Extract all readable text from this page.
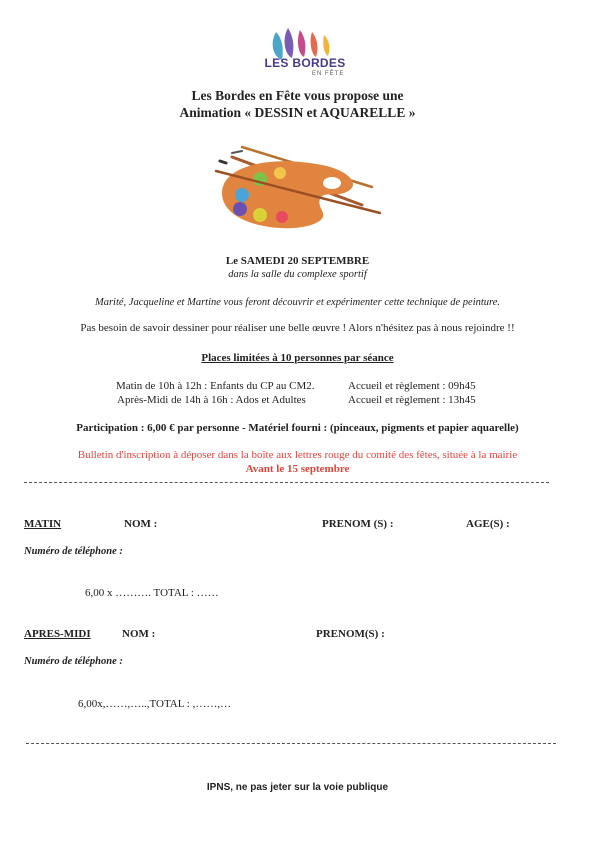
LES BORDES
EN FÊTE
Les Bordes en Fête vous propose une
Animation « DESSIN et AQUARELLE »
Le SAMEDI 20 SEPTEMBRE
dans la salle du complexe sportif
Marité, Jacqueline et Martine vous feront découvrir et expérimenter cette technique de peinture.
Pas besoin de savoir dessiner pour réaliser une belle œuvre ! Alors n'hésitez pas à nous rejoindre !!
Places limitées à 10 personnes par séance
Matin de 10h à 12h : Enfants du CP au CM2.	Accueil et règlement : 09h45
Après-Midi de 14h à 16h : Ados et Adultes	Accueil et règlement : 13h45
Participation : 6,00 € par personne - Matériel fourni : (pinceaux, pigments et papier aquarelle)
Bulletin d'inscription à déposer dans la boîte aux lettres rouge du comité des fêtes, située à la mairie
Avant le 15 septembre
MATIN	NOM :	PRENOM (S) :	AGE(S) :
Numéro de téléphone :
6,00 x ………. TOTAL : ……
APRES-MIDI	NOM :	PRENOM(S) :
Numéro de téléphone :
6,00x,……,…..,TOTAL : ,……,…
IPNS, ne pas jeter sur la voie publique
